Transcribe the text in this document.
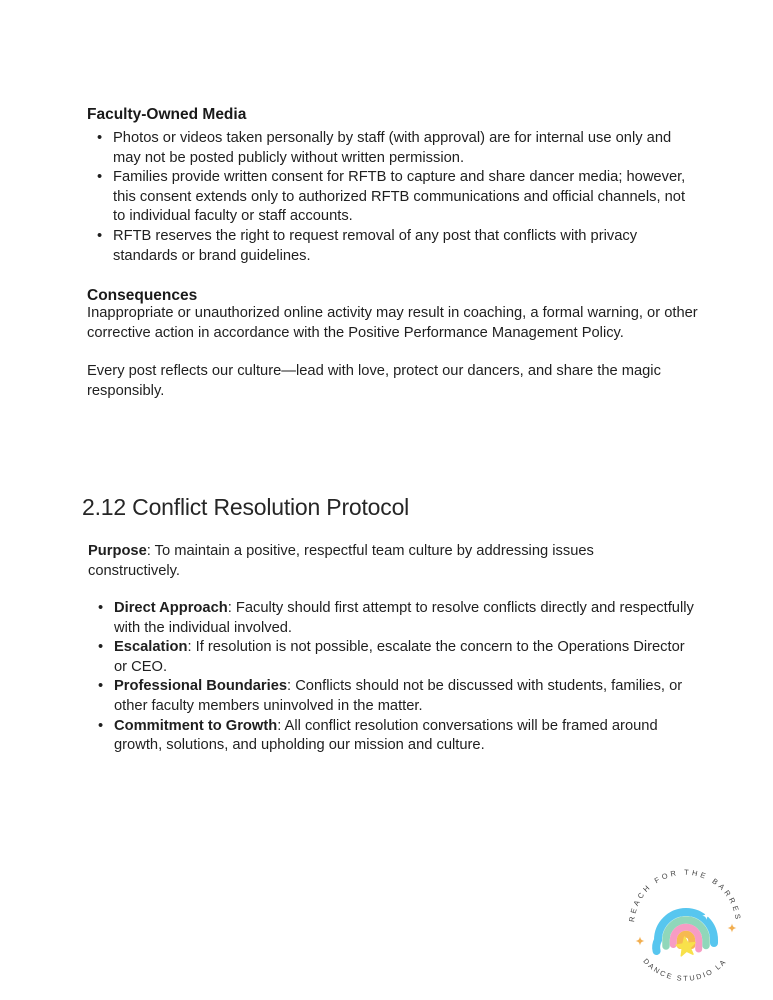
Faculty-Owned Media
• Photos or videos taken personally by staff (with approval) are for internal use only and may not be posted publicly without written permission.
• Families provide written consent for RFTB to capture and share dancer media; however, this consent extends only to authorized RFTB communications and official channels, not to individual faculty or staff accounts.
• RFTB reserves the right to request removal of any post that conflicts with privacy standards or brand guidelines.
Consequences
Inappropriate or unauthorized online activity may result in coaching, a formal warning, or other corrective action in accordance with the Positive Performance Management Policy.
Every post reflects our culture—lead with love, protect our dancers, and share the magic responsibly.
2.12 Conflict Resolution Protocol
Purpose: To maintain a positive, respectful team culture by addressing issues constructively.
• Direct Approach: Faculty should first attempt to resolve conflicts directly and respectfully with the individual involved.
• Escalation: If resolution is not possible, escalate the concern to the Operations Director or CEO.
• Professional Boundaries: Conflicts should not be discussed with students, families, or other faculty members uninvolved in the matter.
• Commitment to Growth: All conflict resolution conversations will be framed around growth, solutions, and upholding our mission and culture.
REACH FOR THE BARRES
DANCE STUDIO LA
